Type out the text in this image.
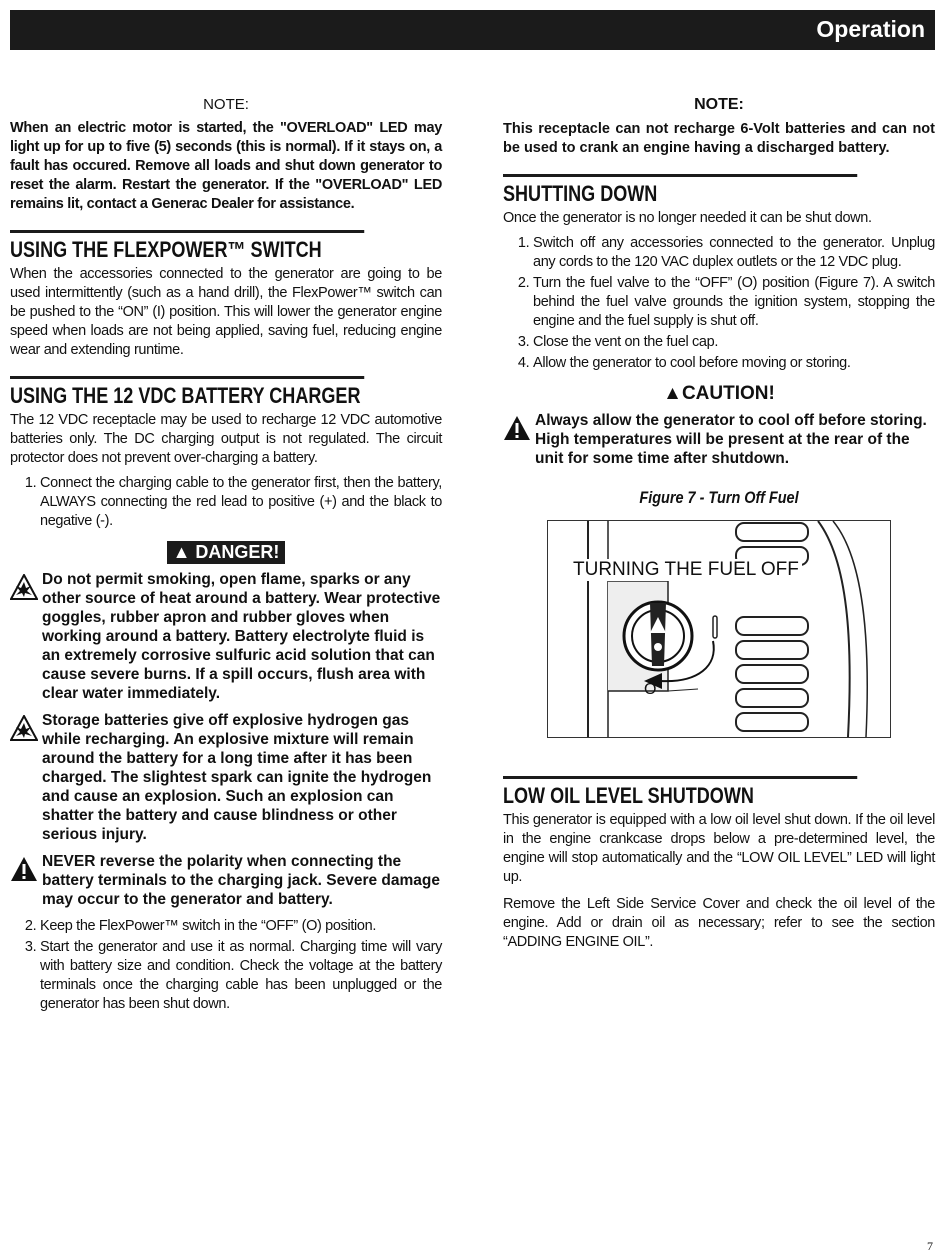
Operation
NOTE:
When an electric motor is started, the "OVERLOAD" LED may light up for up to five (5) seconds (this is normal). If it stays on, a fault has occured. Remove all loads and shut down generator to reset the alarm. Restart the generator. If the "OVERLOAD" LED remains lit, contact a Generac Dealer for assistance.
USING THE FLEXPOWER™ SWITCH
When the accessories connected to the generator are going to be used intermittently (such as a hand drill), the FlexPower™ switch can be pushed to the “ON” (I) position. This will lower the generator engine speed when loads are not being applied, saving fuel, reducing engine wear and extending runtime.
USING THE 12 VDC BATTERY CHARGER
The 12 VDC receptacle may be used to recharge 12 VDC automotive batteries only. The DC charging output is not regulated. The circuit protector does not prevent over-charging a battery.
1. Connect the charging cable to the generator first, then the battery, ALWAYS connecting the red lead to positive (+) and the black to negative (-).
▲ DANGER!
Do not permit smoking, open flame, sparks or any other source of heat around a battery. Wear protective goggles, rubber apron and rubber gloves when working around a battery. Battery electrolyte fluid is an extremely corrosive sulfuric acid solution that can cause severe burns. If a spill occurs, flush area with clear water immediately.
Storage batteries give off explosive hydrogen gas while recharging. An explosive mixture will remain around the battery for a long time after it has been charged. The slightest spark can ignite the hydrogen and cause an explosion. Such an explosion can shatter the battery and cause blindness or other serious injury.
NEVER reverse the polarity when connecting the battery terminals to the charging jack. Severe damage may occur to the generator and battery.
2. Keep the FlexPower™ switch in the “OFF” (O) position.
3. Start the generator and use it as normal. Charging time will vary with battery size and condition. Check the voltage at the battery terminals once the charging cable has been unplugged or the generator has been shut down.
NOTE:
This receptacle can not recharge 6-Volt batteries and can not be used to crank an engine having a discharged battery.
SHUTTING DOWN
Once the generator is no longer needed it can be shut down.
1. Switch off any accessories connected to the generator. Unplug any cords to the 120 VAC duplex outlets or the 12 VDC plug.
2. Turn the fuel valve to the “OFF” (O) position (Figure 7). A switch behind the fuel valve grounds the ignition system, stopping the engine and the fuel supply is shut off.
3. Close the vent on the fuel cap.
4. Allow the generator to cool before moving or storing.
▲CAUTION!
Always allow the generator to cool off before storing. High temperatures will be present at the rear of the unit for some time after shutdown.
Figure 7 - Turn Off Fuel
TURNING THE FUEL OFF
O
LOW OIL LEVEL SHUTDOWN
This generator is equipped with a low oil level shut down. If the oil level in the engine crankcase drops below a pre-determined level, the engine will stop automatically and the “LOW OIL LEVEL” LED will light up.
Remove the Left Side Service Cover and check the oil level of the engine. Add or drain oil as necessary; refer to see the section “ADDING ENGINE OIL”.
7
